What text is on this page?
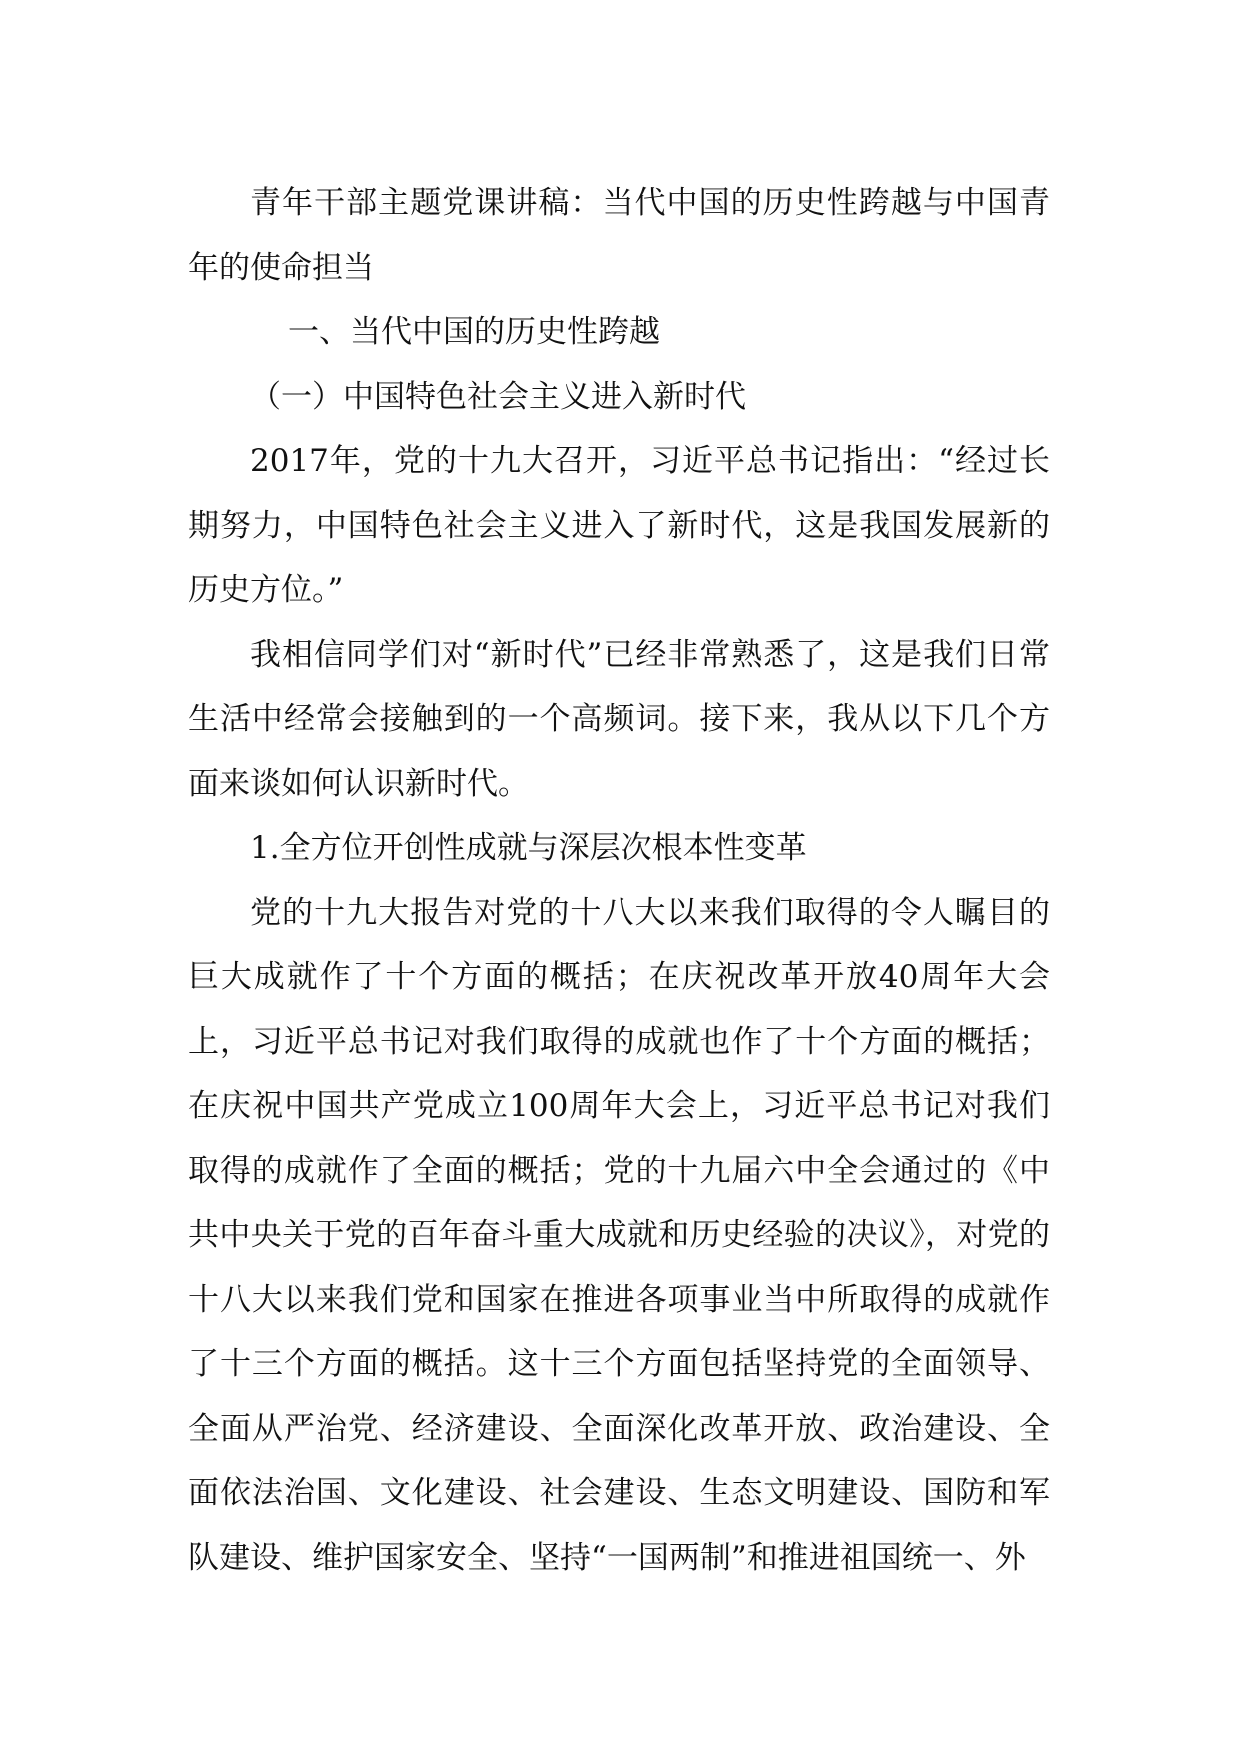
青年干部主题党课讲稿：当代中国的历史性跨越与中国青年的使命担当

一、当代中国的历史性跨越

（一）中国特色社会主义进入新时代

2017年，党的十九大召开，习近平总书记指出：“经过长期努力，中国特色社会主义进入了新时代，这是我国发展新的历史方位。”

我相信同学们对“新时代”已经非常熟悉了，这是我们日常生活中经常会接触到的一个高频词。接下来，我从以下几个方面来谈如何认识新时代。

1.全方位开创性成就与深层次根本性变革

党的十九大报告对党的十八大以来我们取得的令人瞩目的巨大成就作了十个方面的概括；在庆祝改革开放40周年大会上，习近平总书记对我们取得的成就也作了十个方面的概括；在庆祝中国共产党成立100周年大会上，习近平总书记对我们取得的成就作了全面的概括；党的十九届六中全会通过的《中共中央关于党的百年奋斗重大成就和历史经验的决议》，对党的十八大以来我们党和国家在推进各项事业当中所取得的成就作了十三个方面的概括。这十三个方面包括坚持党的全面领导、全面从严治党、经济建设、全面深化改革开放、政治建设、全面依法治国、文化建设、社会建设、生态文明建设、国防和军队建设、维护国家安全、坚持“一国两制”和推进祖国统一、外
